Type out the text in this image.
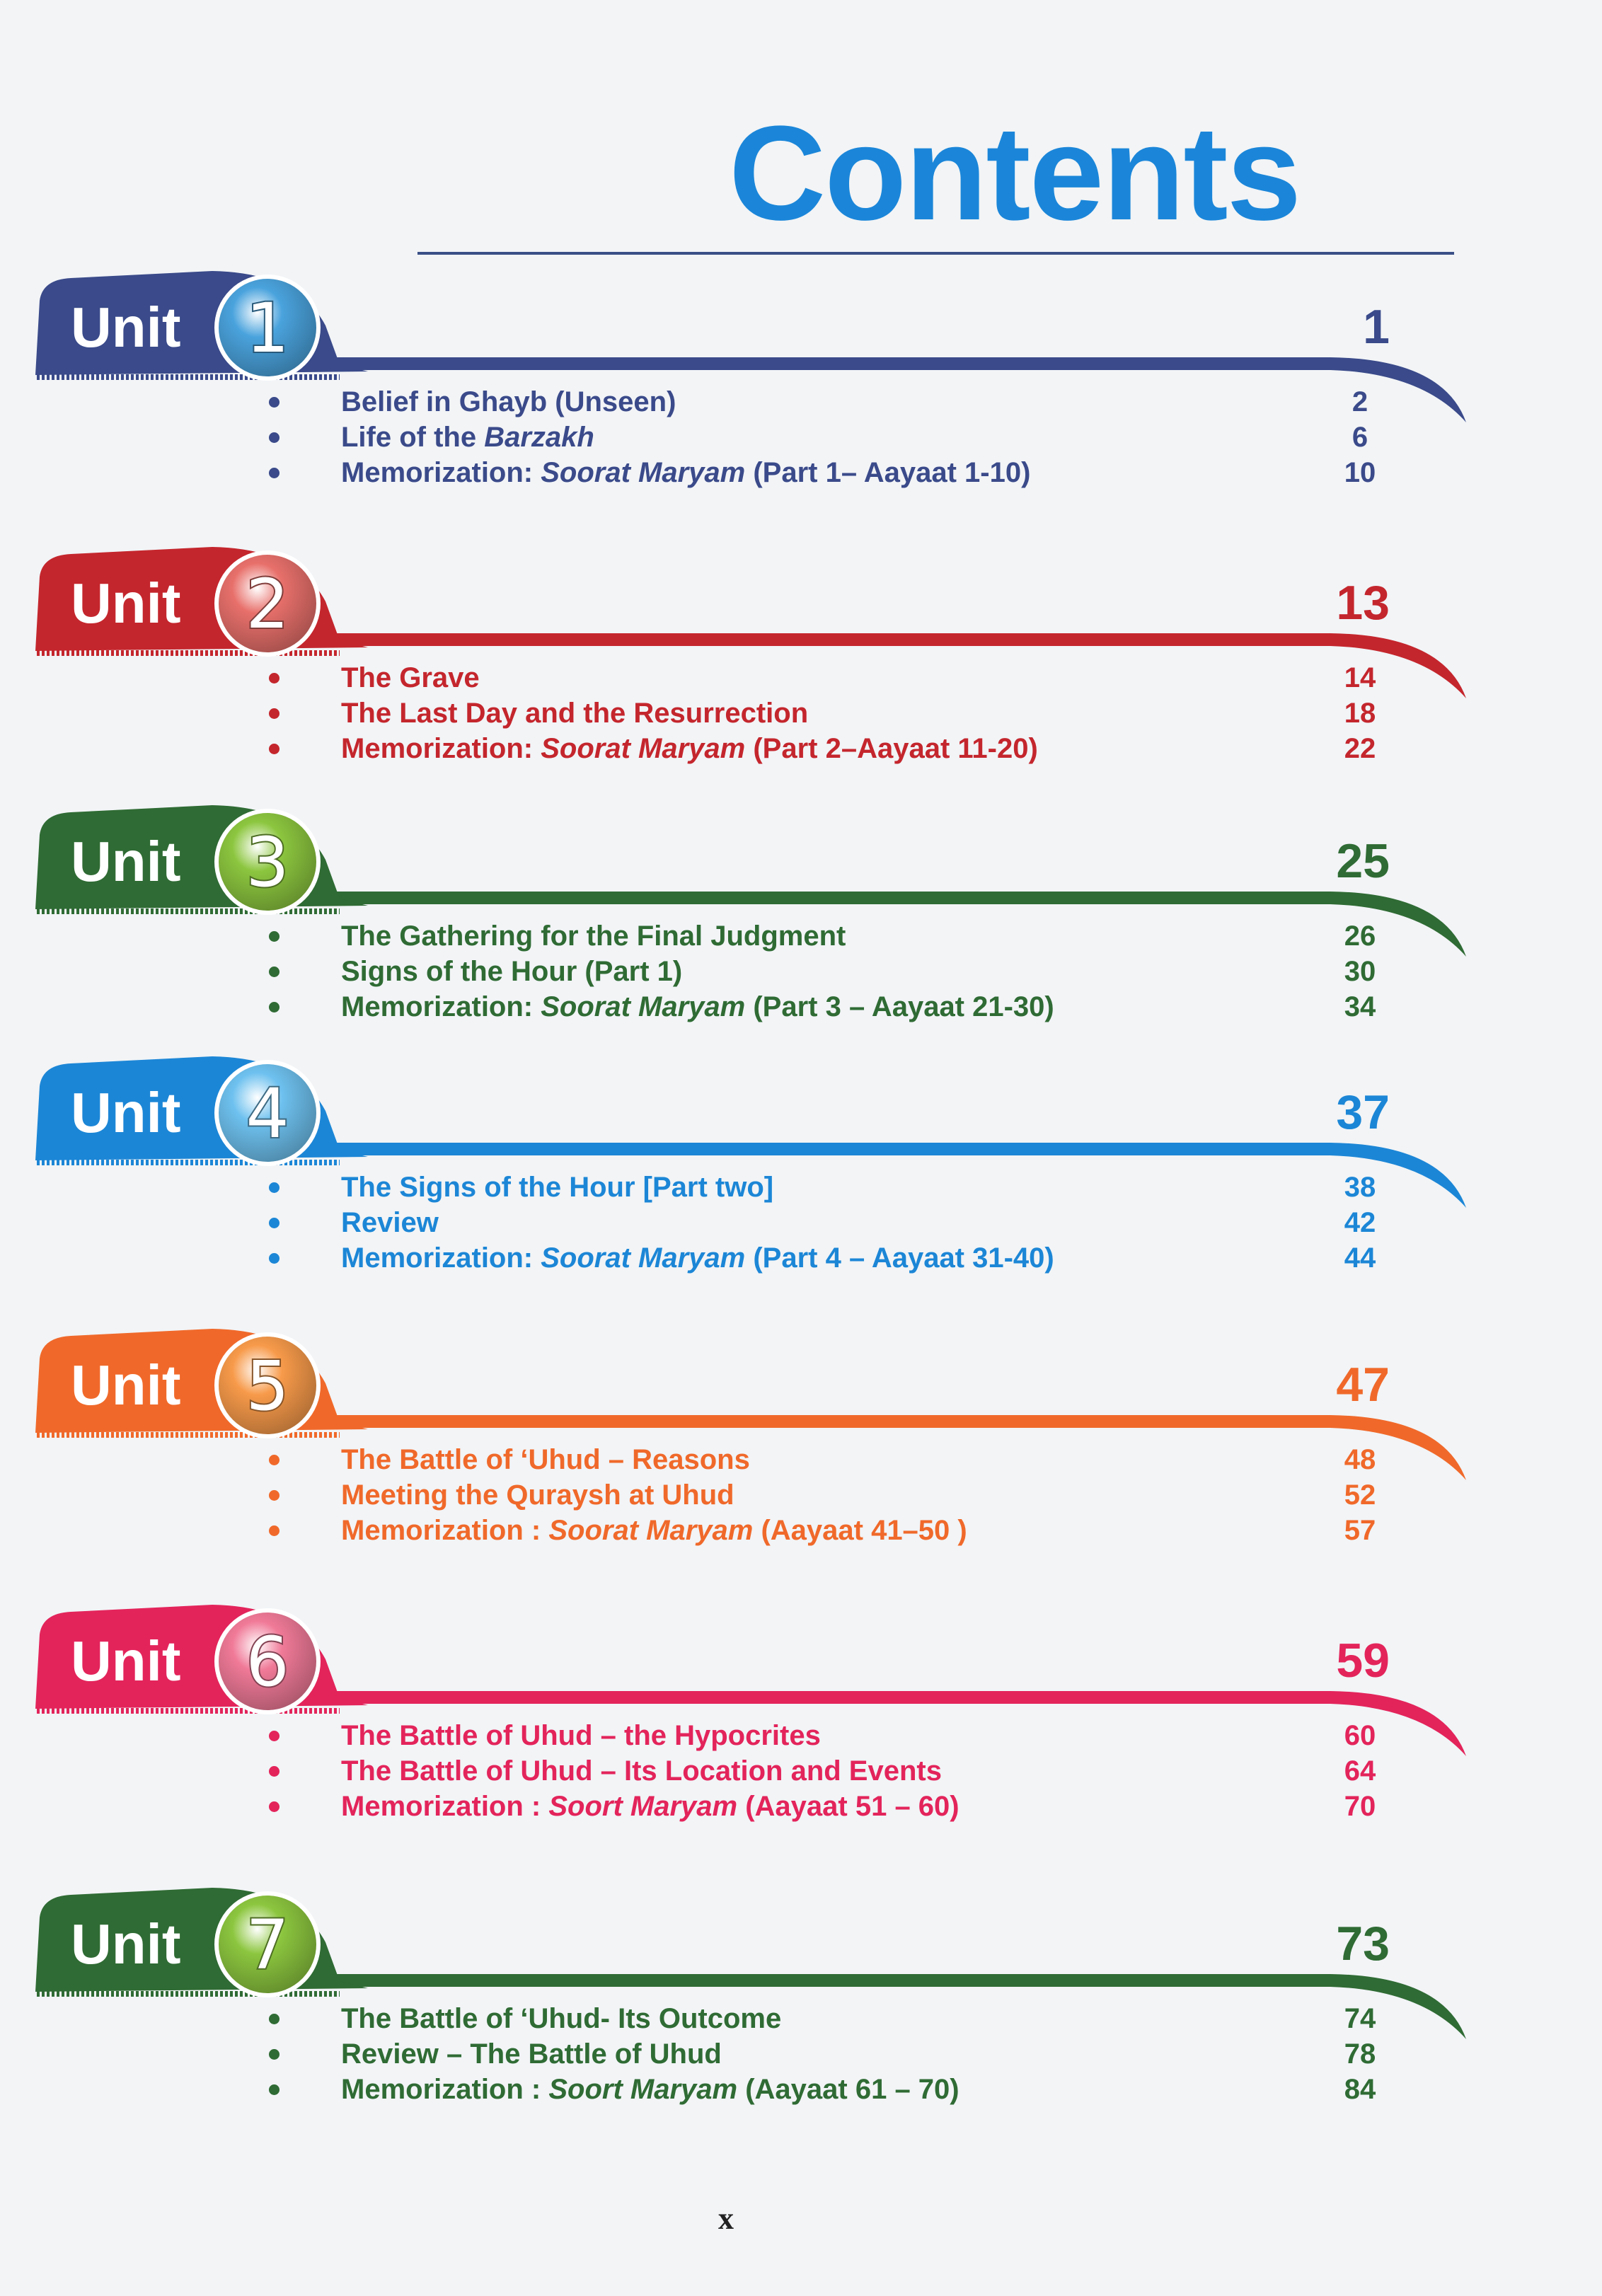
Contents
Unit 1	1
Belief in Ghayb (Unseen)	2
Life of the Barzakh	6
Memorization: Soorat Maryam (Part 1– Aayaat 1-10)	10
Unit 2	13
The Grave	14
The Last Day and the Resurrection	18
Memorization: Soorat Maryam (Part 2–Aayaat 11-20)	22
Unit 3	25
The Gathering for the Final Judgment	26
Signs of the Hour (Part 1)	30
Memorization: Soorat Maryam (Part 3 – Aayaat 21-30)	34
Unit 4	37
The Signs of the Hour [Part two]	38
Review	42
Memorization: Soorat Maryam (Part 4 – Aayaat 31-40)	44
Unit 5	47
The Battle of ‘Uhud – Reasons	48
Meeting the Quraysh at Uhud	52
Memorization : Soorat Maryam (Aayaat 41–50 )	57
Unit 6	59
The Battle of Uhud – the Hypocrites	60
The Battle of Uhud – Its Location and Events	64
Memorization : Soort Maryam (Aayaat 51 – 60)	70
Unit 7	73
The Battle of ‘Uhud- Its Outcome	74
Review – The Battle of Uhud	78
Memorization : Soort Maryam (Aayaat 61 – 70)	84
x
